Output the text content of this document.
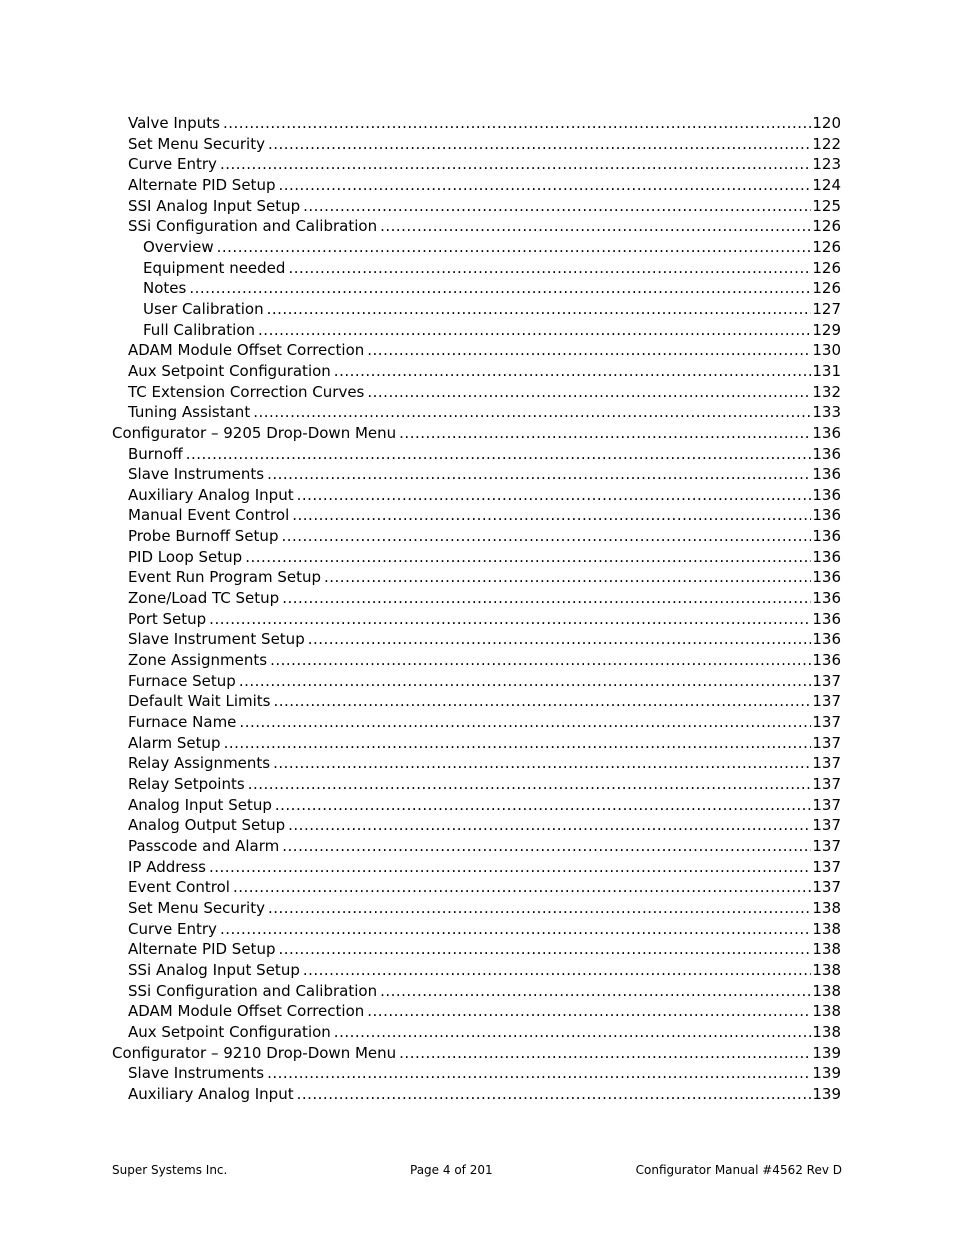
Valve Inputs .....	120
Set Menu Security .....	122
Curve Entry .....	123
Alternate PID Setup .....	124
SSI Analog Input Setup .....	125
SSi Configuration and Calibration .....	126
Overview .....	126
Equipment needed .....	126
Notes .....	126
User Calibration .....	127
Full Calibration .....	129
ADAM Module Offset Correction .....	130
Aux Setpoint Configuration .....	131
TC Extension Correction Curves .....	132
Tuning Assistant .....	133
Configurator – 9205 Drop-Down Menu .....	136
Burnoff .....	136
Slave Instruments .....	136
Auxiliary Analog Input .....	136
Manual Event Control .....	136
Probe Burnoff Setup .....	136
PID Loop Setup .....	136
Event Run Program Setup .....	136
Zone/Load TC Setup .....	136
Port Setup .....	136
Slave Instrument Setup .....	136
Zone Assignments .....	136
Furnace Setup .....	137
Default Wait Limits .....	137
Furnace Name .....	137
Alarm Setup .....	137
Relay Assignments .....	137
Relay Setpoints .....	137
Analog Input Setup .....	137
Analog Output Setup .....	137
Passcode and Alarm .....	137
IP Address .....	137
Event Control .....	137
Set Menu Security .....	138
Curve Entry .....	138
Alternate PID Setup .....	138
SSi Analog Input Setup .....	138
SSi Configuration and Calibration .....	138
ADAM Module Offset Correction .....	138
Aux Setpoint Configuration .....	138
Configurator – 9210 Drop-Down Menu .....	139
Slave Instruments .....	139
Auxiliary Analog Input .....	139
Super Systems Inc.	Page 4 of 201	Configurator Manual #4562 Rev D
